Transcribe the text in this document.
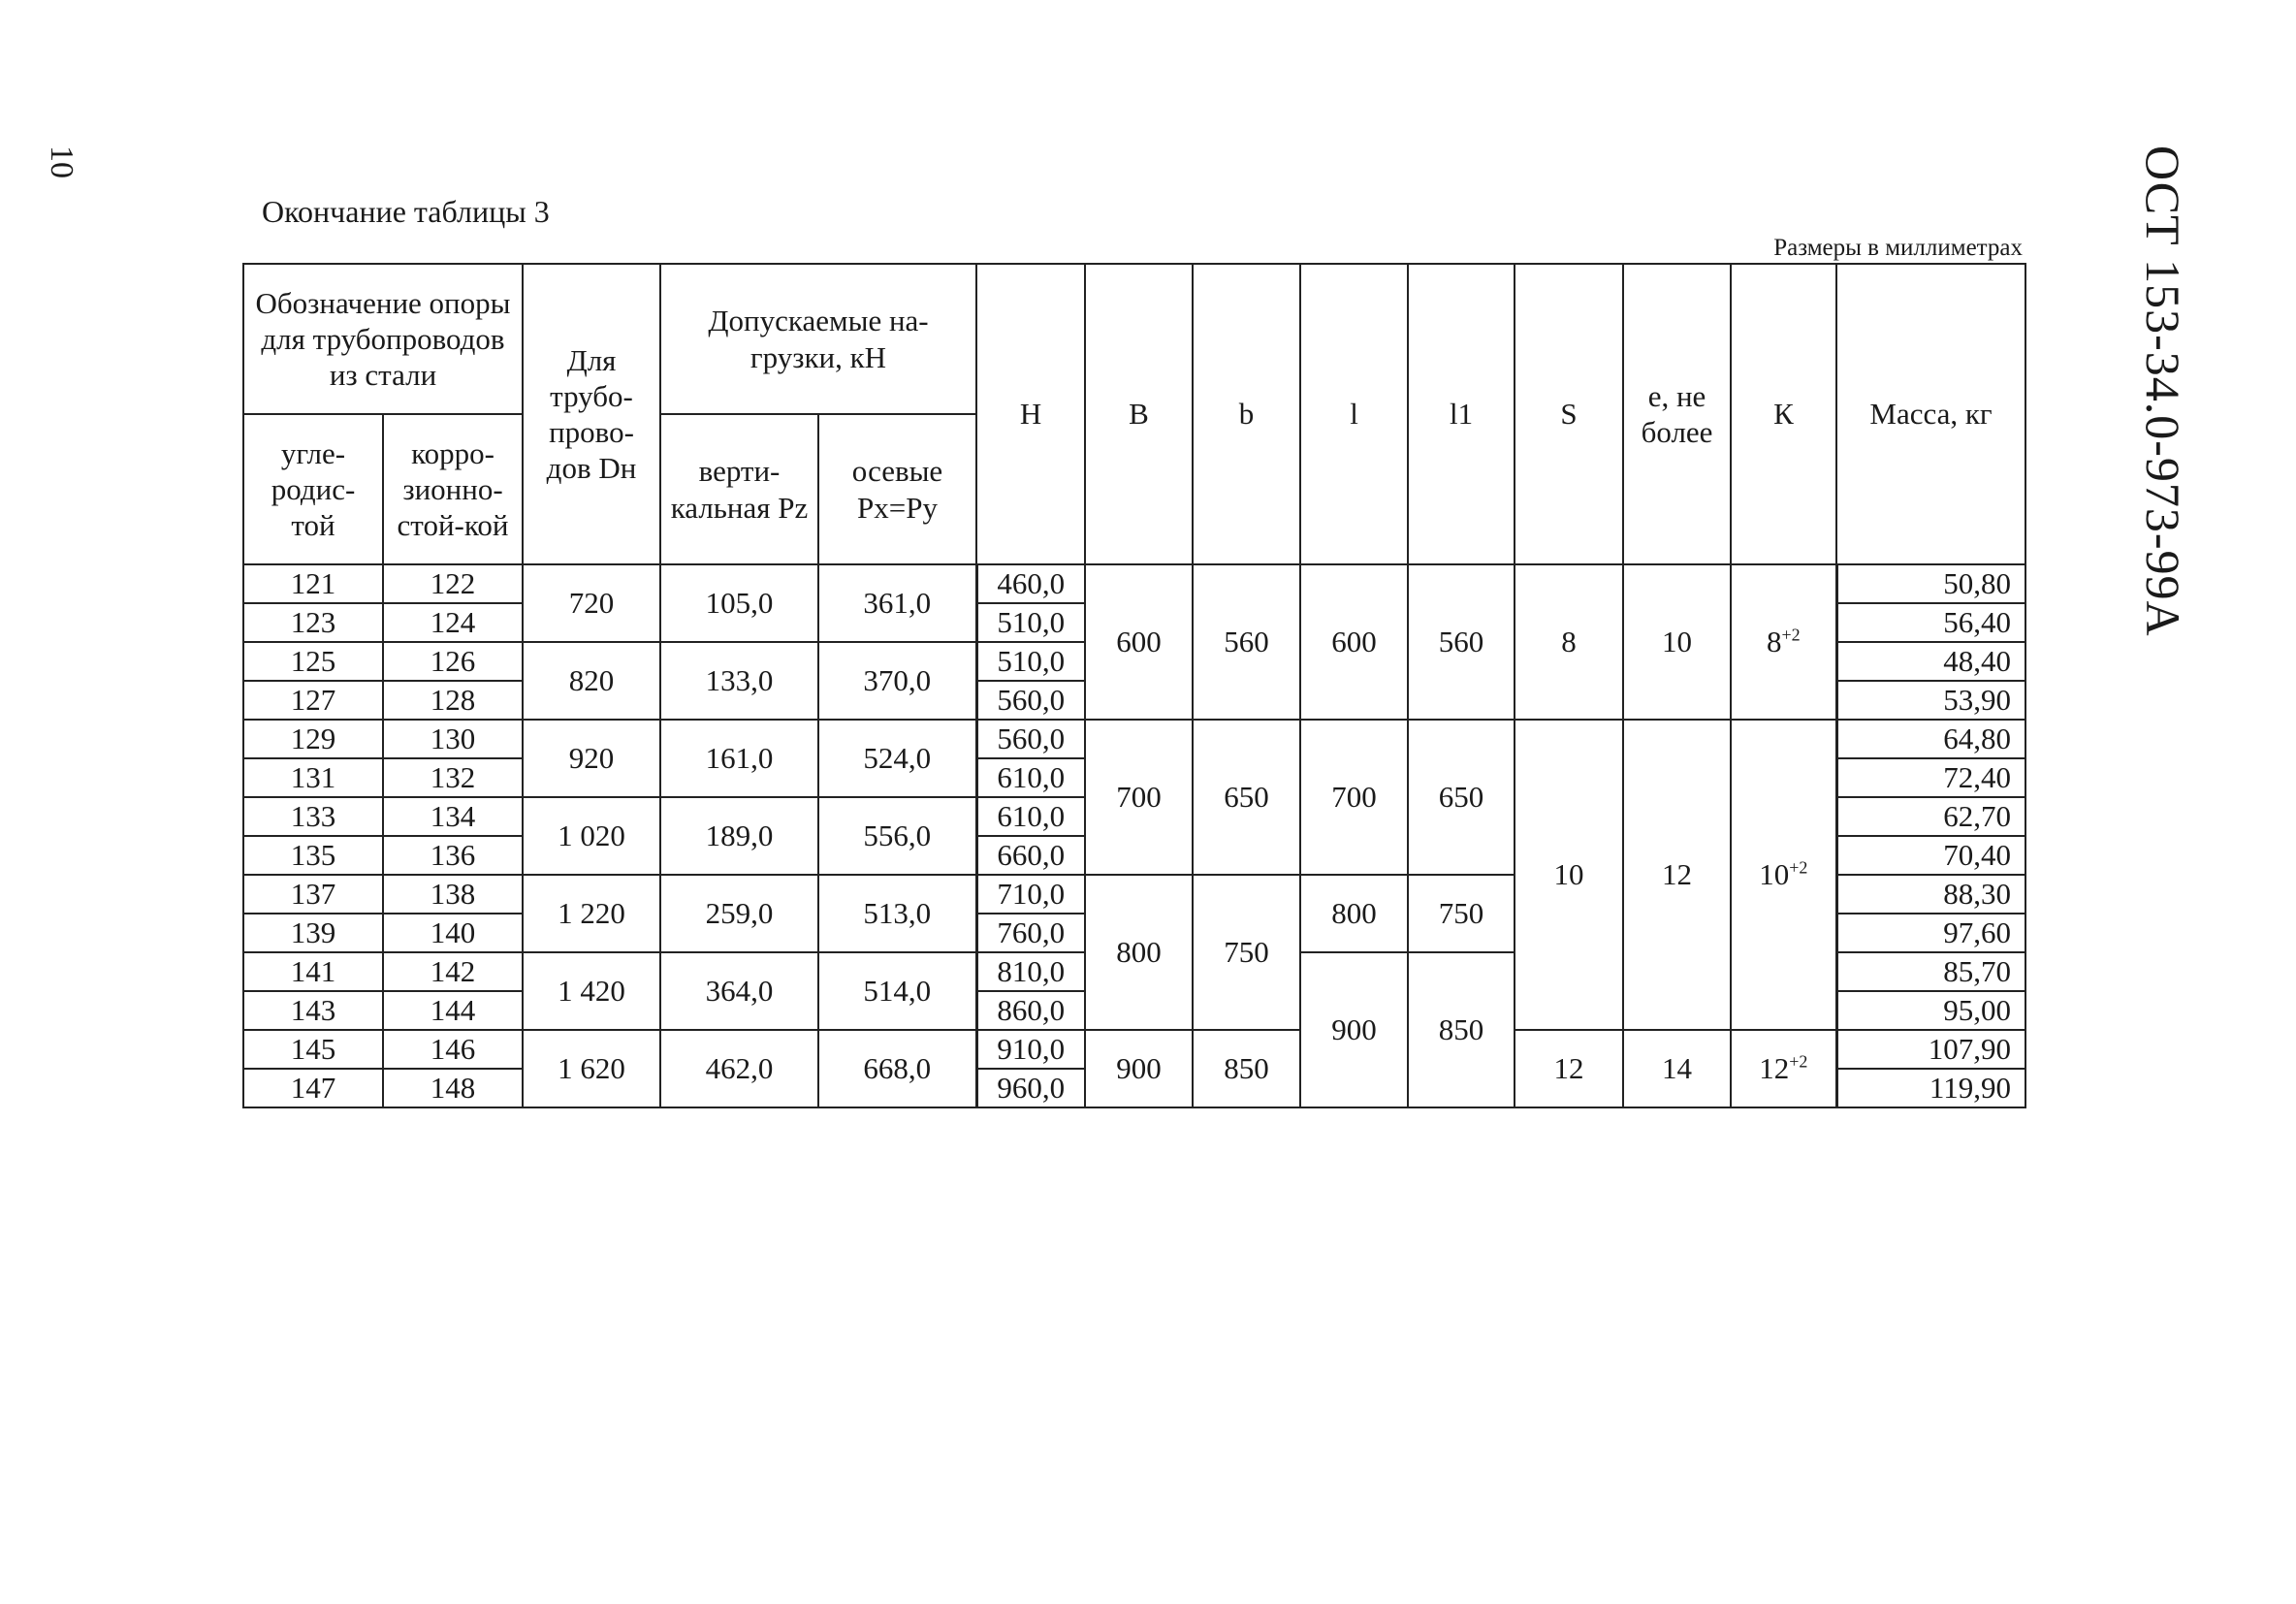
10	ОСТ 153-34.0-973-99А
Окончание таблицы 3
Размеры в миллиметрах
Обозначение опоры для трубопроводов из стали		Для трубо-прово-дов Dн	Допускаемые на-грузки, кН		H	B	b	l	l1	S	е, не более	К	Масса, кг
угле-родис-той	корро-зионно-стой-кой		верти-кальная Pz	осевые Px=Py									
121	122	720	105,0	361,0	460,0	600	560	600	560	8	10	$8^{+2}$	50,80
123	124				510,0								56,40
125	126	820	133,0	370,0	510,0								48,40
127	128				560,0								53,90
129	130	920	161,0	524,0	560,0	700	650	700	650	10	12	$10^{+2}$	64,80
131	132				610,0								72,40
133	134	1 020	189,0	556,0	610,0								62,70
135	136				660,0								70,40
137	138	1 220	259,0	513,0	710,0	800	750	800	750				88,30
139	140				760,0								97,60
141	142	1 420	364,0	514,0	810,0			900	850				85,70
143	144				860,0								95,00
145	146	1 620	462,0	668,0	910,0	900	850			12	14	$12^{+2}$	107,90
147	148				960,0								119,90
